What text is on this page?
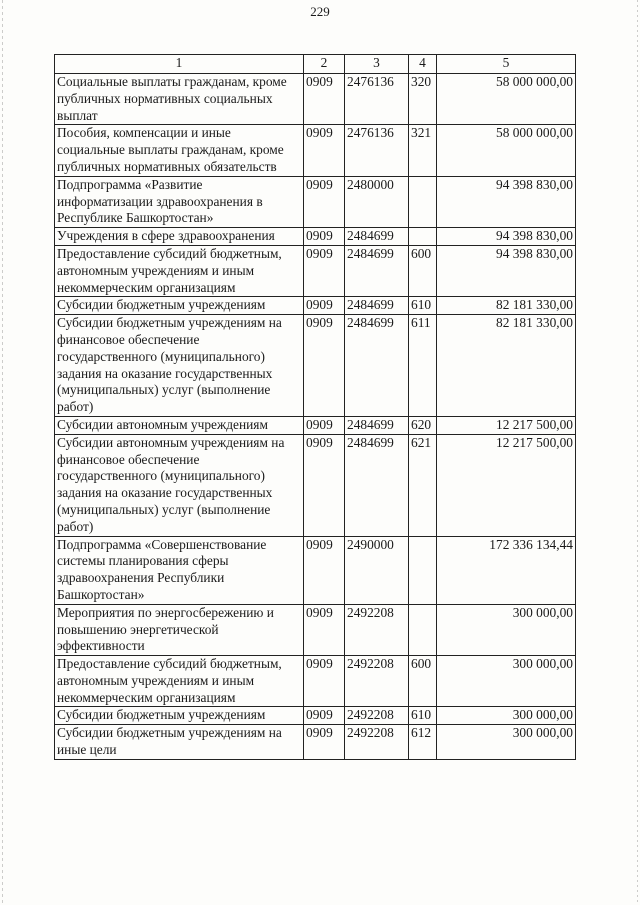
229
1	2	3	4	5
Социальные выплаты гражданам, кроме публичных нормативных социальных выплат	0909	2476136	320	58 000 000,00
Пособия, компенсации и иные социальные выплаты гражданам, кроме публичных нормативных обязательств	0909	2476136	321	58 000 000,00
Подпрограмма «Развитие информатизации здравоохранения в Республике Башкортостан»	0909	2480000		94 398 830,00
Учреждения в сфере здравоохранения	0909	2484699		94 398 830,00
Предоставление субсидий бюджетным, автономным учреждениям и иным некоммерческим организациям	0909	2484699	600	94 398 830,00
Субсидии бюджетным учреждениям	0909	2484699	610	82 181 330,00
Субсидии бюджетным учреждениям на финансовое обеспечение государственного (муниципального) задания на оказание государственных (муниципальных) услуг (выполнение работ)	0909	2484699	611	82 181 330,00
Субсидии автономным учреждениям	0909	2484699	620	12 217 500,00
Субсидии автономным учреждениям на финансовое обеспечение государственного (муниципального) задания на оказание государственных (муниципальных) услуг (выполнение работ)	0909	2484699	621	12 217 500,00
Подпрограмма «Совершенствование системы планирования сферы здравоохранения Республики Башкортостан»	0909	2490000		172 336 134,44
Мероприятия по энергосбережению и повышению энергетической эффективности	0909	2492208		300 000,00
Предоставление субсидий бюджетным, автономным учреждениям и иным некоммерческим организациям	0909	2492208	600	300 000,00
Субсидии бюджетным учреждениям	0909	2492208	610	300 000,00
Субсидии бюджетным учреждениям на иные цели	0909	2492208	612	300 000,00
